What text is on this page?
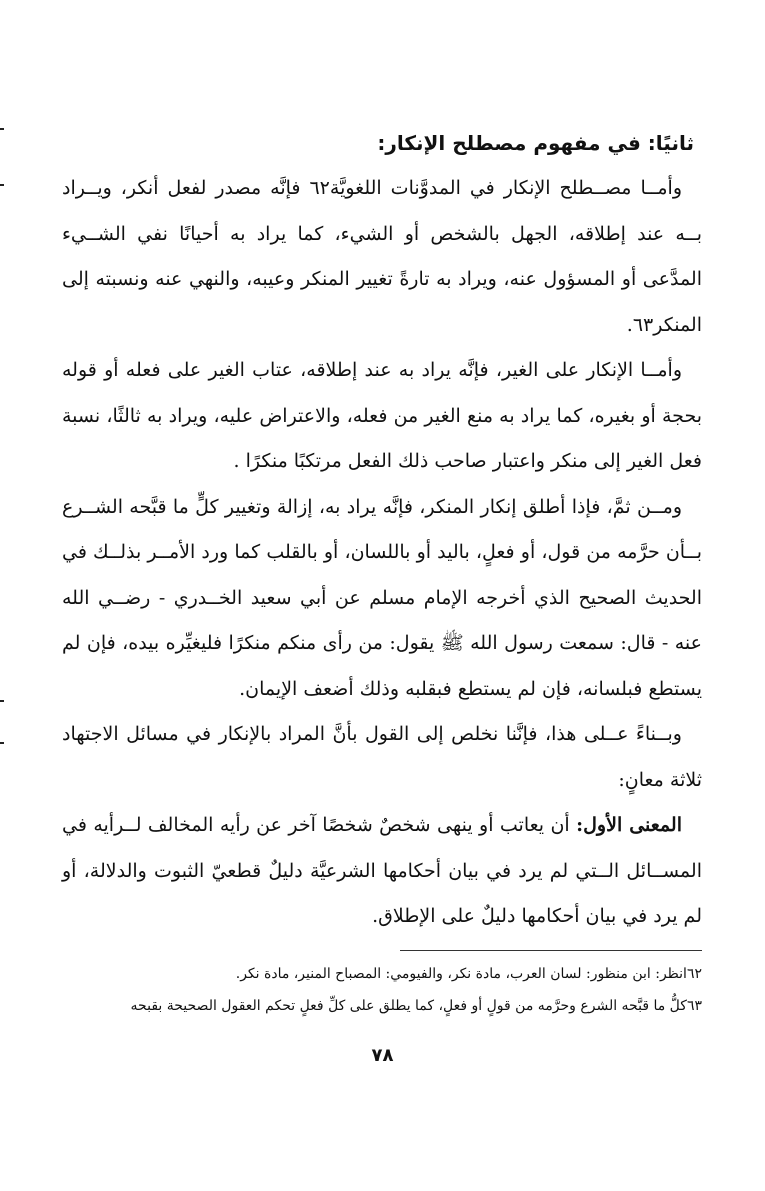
ثانيًا: في مفهوم مصطلح الإنكار:

وأمــا مصــطلح الإنكار في المدوَّنات اللغويَّة٦٢ فإنَّه مصدر لفعل أنكر، ويــراد بــه عند إطلاقه، الجهل بالشخص أو الشيء، كما يراد به أحيانًا نفي الشــيء المدَّعى أو المسؤول عنه، ويراد به تارةً تغيير المنكر وعيبه، والنهي عنه ونسبته إلى المنكر٦٣.

وأمــا الإنكار على الغير، فإنَّه يراد به عند إطلاقه، عتاب الغير على فعله أو قوله بحجة أو بغيره، كما يراد به منع الغير من فعله، والاعتراض عليه، ويراد به ثالثًا، نسبة فعل الغير إلى منكر واعتبار صاحب ذلك الفعل مرتكبًا منكرًا .

ومــن ثمَّ، فإذا أطلق إنكار المنكر، فإنَّه يراد به، إزالة وتغيير كلٍّ ما قبَّحه الشــرع بــأن حرَّمه من قول، أو فعلٍ، باليد أو باللسان، أو بالقلب كما ورد الأمــر بذلــك في الحديث الصحيح الذي أخرجه الإمام مسلم عن أبي سعيد الخــدري - رضــي الله عنه - قال: سمعت رسول الله ﷺ يقول: من رأى منكم منكرًا فليغيِّره بيده، فإن لم يستطع فبلسانه، فإن لم يستطع فبقلبه وذلك أضعف الإيمان.

وبــناءً عــلى هذا، فإنَّنا نخلص إلى القول بأنَّ المراد بالإنكار في مسائل الاجتهاد ثلاثة معانٍ:

المعنى الأول: أن يعاتب أو ينهى شخصٌ شخصًا آخر عن رأيه المخالف لــرأيه في المســائل الــتي لم يرد في بيان أحكامها الشرعيَّة دليلٌ قطعيّ الثبوت والدلالة، أو لم يرد في بيان أحكامها دليلٌ على الإطلاق.

٦٢انظر: ابن منظور: لسان العرب، مادة نكر، والفيومي: المصباح المنير، مادة نكر.

٦٣كلُّ ما قبَّحه الشرع وحرَّمه من قولٍ أو فعلٍ، كما يطلق على كلِّ فعلٍ تحكم العقول الصحيحة بقبحه

٧٨
